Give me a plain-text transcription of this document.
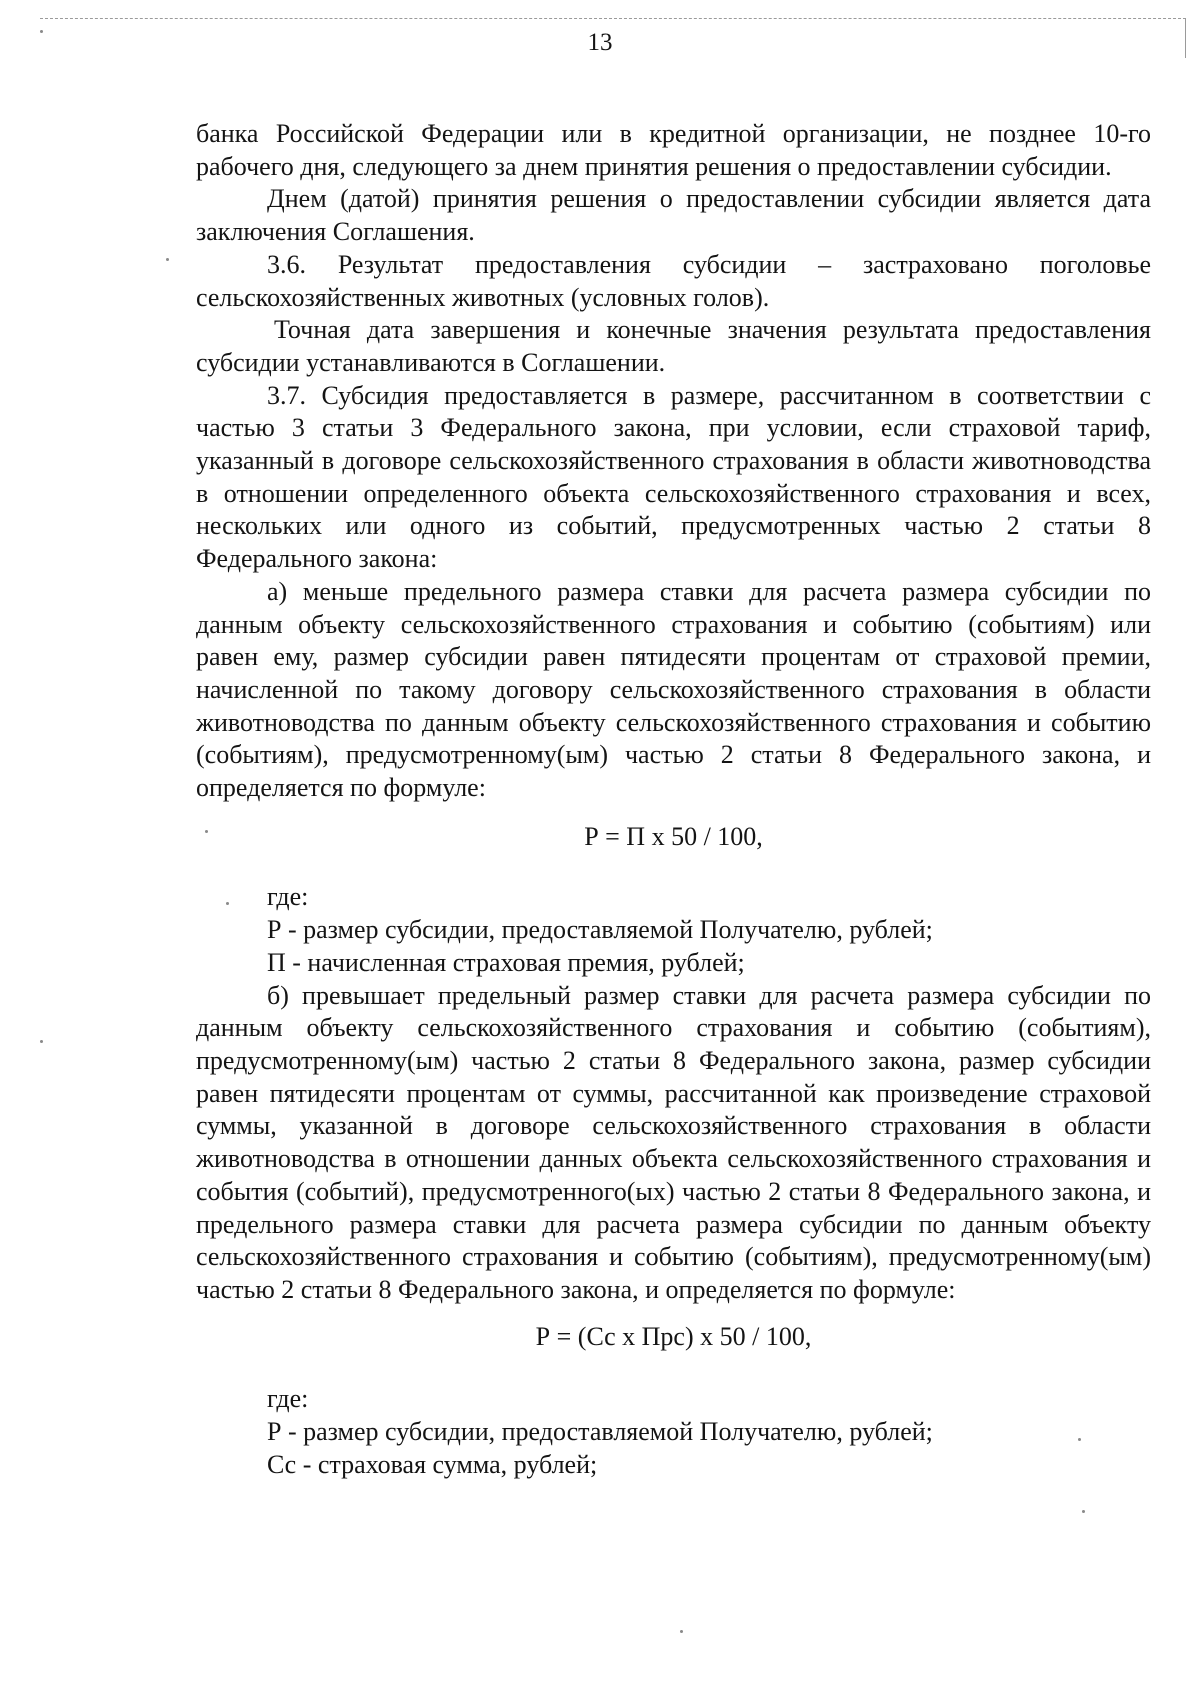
13

банка Российской Федерации или в кредитной организации, не позднее 10-го рабочего дня, следующего за днем принятия решения о предоставлении субсидии.

Днем (датой) принятия решения о предоставлении субсидии является дата заключения Соглашения.

3.6. Результат предоставления субсидии – застраховано поголовье сельскохозяйственных животных (условных голов).

Точная дата завершения и конечные значения результата предоставления субсидии устанавливаются в Соглашении.

3.7. Субсидия предоставляется в размере, рассчитанном в соответствии с частью 3 статьи 3 Федерального закона, при условии, если страховой тариф, указанный в договоре сельскохозяйственного страхования в области животноводства в отношении определенного объекта сельскохозяйственного страхования и всех, нескольких или одного из событий, предусмотренных частью 2 статьи 8 Федерального закона:

а) меньше предельного размера ставки для расчета размера субсидии по данным объекту сельскохозяйственного страхования и событию (событиям) или равен ему, размер субсидии равен пятидесяти процентам от страховой премии, начисленной по такому договору сельскохозяйственного страхования в области животноводства по данным объекту сельскохозяйственного страхования и событию (событиям), предусмотренному(ым) частью 2 статьи 8 Федерального закона, и определяется по формуле:

Р = П х 50 / 100,

где:

Р - размер субсидии, предоставляемой Получателю, рублей;

П - начисленная страховая премия, рублей;

б) превышает предельный размер ставки для расчета размера субсидии по данным объекту сельскохозяйственного страхования и событию (событиям), предусмотренному(ым) частью 2 статьи 8 Федерального закона, размер субсидии равен пятидесяти процентам от суммы, рассчитанной как произведение страховой суммы, указанной в договоре сельскохозяйственного страхования в области животноводства в отношении данных объекта сельскохозяйственного страхования и события (событий), предусмотренного(ых) частью 2 статьи 8 Федерального закона, и предельного размера ставки для расчета размера субсидии по данным объекту сельскохозяйственного страхования и событию (событиям), предусмотренному(ым) частью 2 статьи 8 Федерального закона, и определяется по формуле:

Р = (Сс х Прс) х 50 / 100,

где:

Р - размер субсидии, предоставляемой Получателю, рублей;

Сс - страховая сумма, рублей;
